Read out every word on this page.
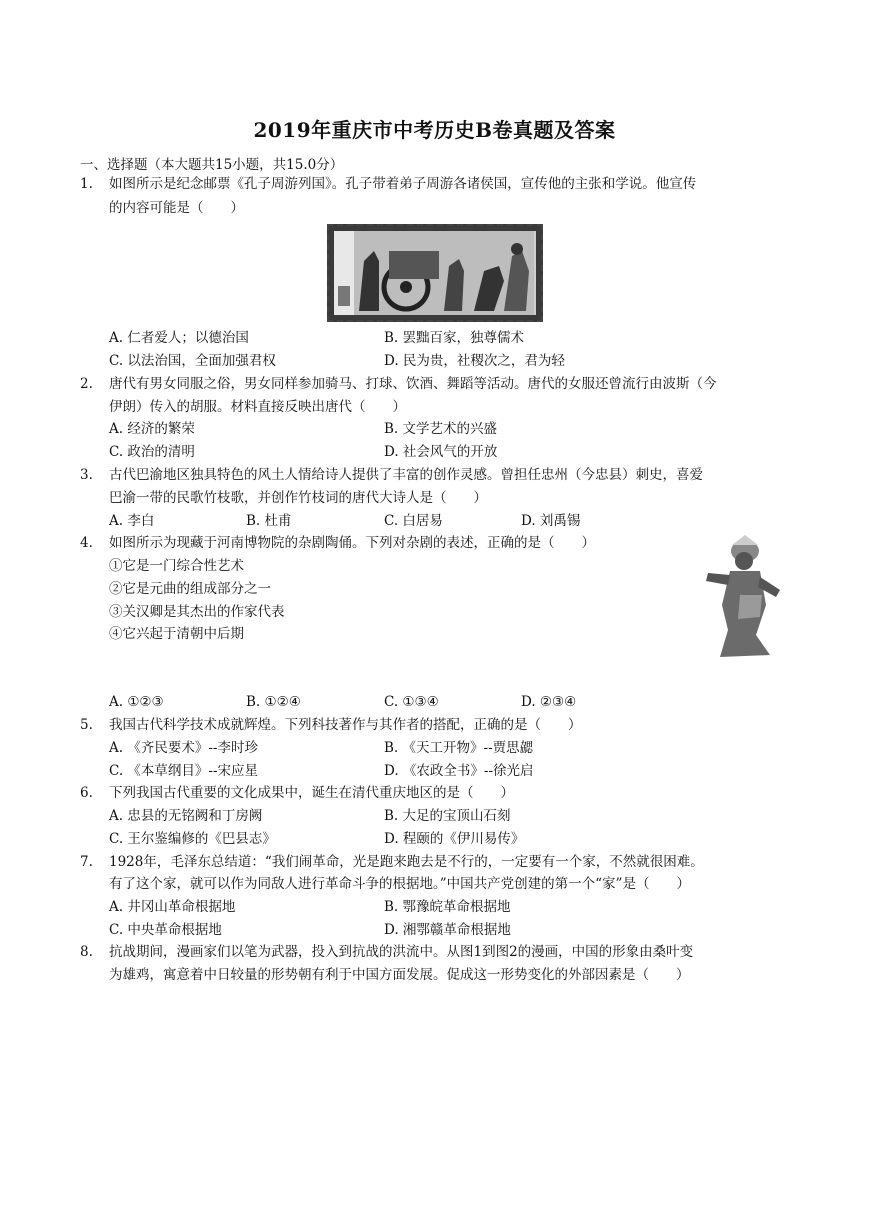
2019年重庆市中考历史B卷真题及答案
一、选择题（本大题共15小题，共15.0分）
1. 如图所示是纪念邮票《孔子周游列国》。孔子带着弟子周游各诸侯国，宣传他的主张和学说。他宣传
的内容可能是（　　）
A. 仁者爱人；以德治国	B. 罢黜百家，独尊儒术
C. 以法治国，全面加强君权	D. 民为贵，社稷次之，君为轻
2. 唐代有男女同服之俗，男女同样参加骑马、打球、饮酒、舞蹈等活动。唐代的女服还曾流行由波斯（今
伊朗）传入的胡服。材料直接反映出唐代（　　）
A. 经济的繁荣	B. 文学艺术的兴盛
C. 政治的清明	D. 社会风气的开放
3. 古代巴渝地区独具特色的风土人情给诗人提供了丰富的创作灵感。曾担任忠州（今忠县）刺史，喜爱
巴渝一带的民歌竹枝歌，并创作竹枝词的唐代大诗人是（　　）
A. 李白	B. 杜甫	C. 白居易	D. 刘禹锡
4. 如图所示为现藏于河南博物院的杂剧陶俑。下列对杂剧的表述，正确的是（　　）
①它是一门综合性艺术
②它是元曲的组成部分之一
③关汉卿是其杰出的作家代表
④它兴起于清朝中后期
A. ①②③	B. ①②④	C. ①③④	D. ②③④
5. 我国古代科学技术成就辉煌。下列科技著作与其作者的搭配，正确的是（　　）
A. 《齐民要术》--李时珍	B. 《天工开物》--贾思勰
C. 《本草纲目》--宋应星	D. 《农政全书》--徐光启
6. 下列我国古代重要的文化成果中，诞生在清代重庆地区的是（　　）
A. 忠县的无铭阙和丁房阙	B. 大足的宝顶山石刻
C. 王尔鉴编修的《巴县志》	D. 程颐的《伊川易传》
7. 1928年，毛泽东总结道：“我们闹革命，光是跑来跑去是不行的，一定要有一个家，不然就很困难。
有了这个家，就可以作为同敌人进行革命斗争的根据地。”中国共产党创建的第一个“家”是（　　）
A. 井冈山革命根据地	B. 鄂豫皖革命根据地
C. 中央革命根据地	D. 湘鄂赣革命根据地
8. 抗战期间，漫画家们以笔为武器，投入到抗战的洪流中。从图1到图2的漫画，中国的形象由桑叶变
为雄鸡，寓意着中日较量的形势朝有利于中国方面发展。促成这一形势变化的外部因素是（　　）
